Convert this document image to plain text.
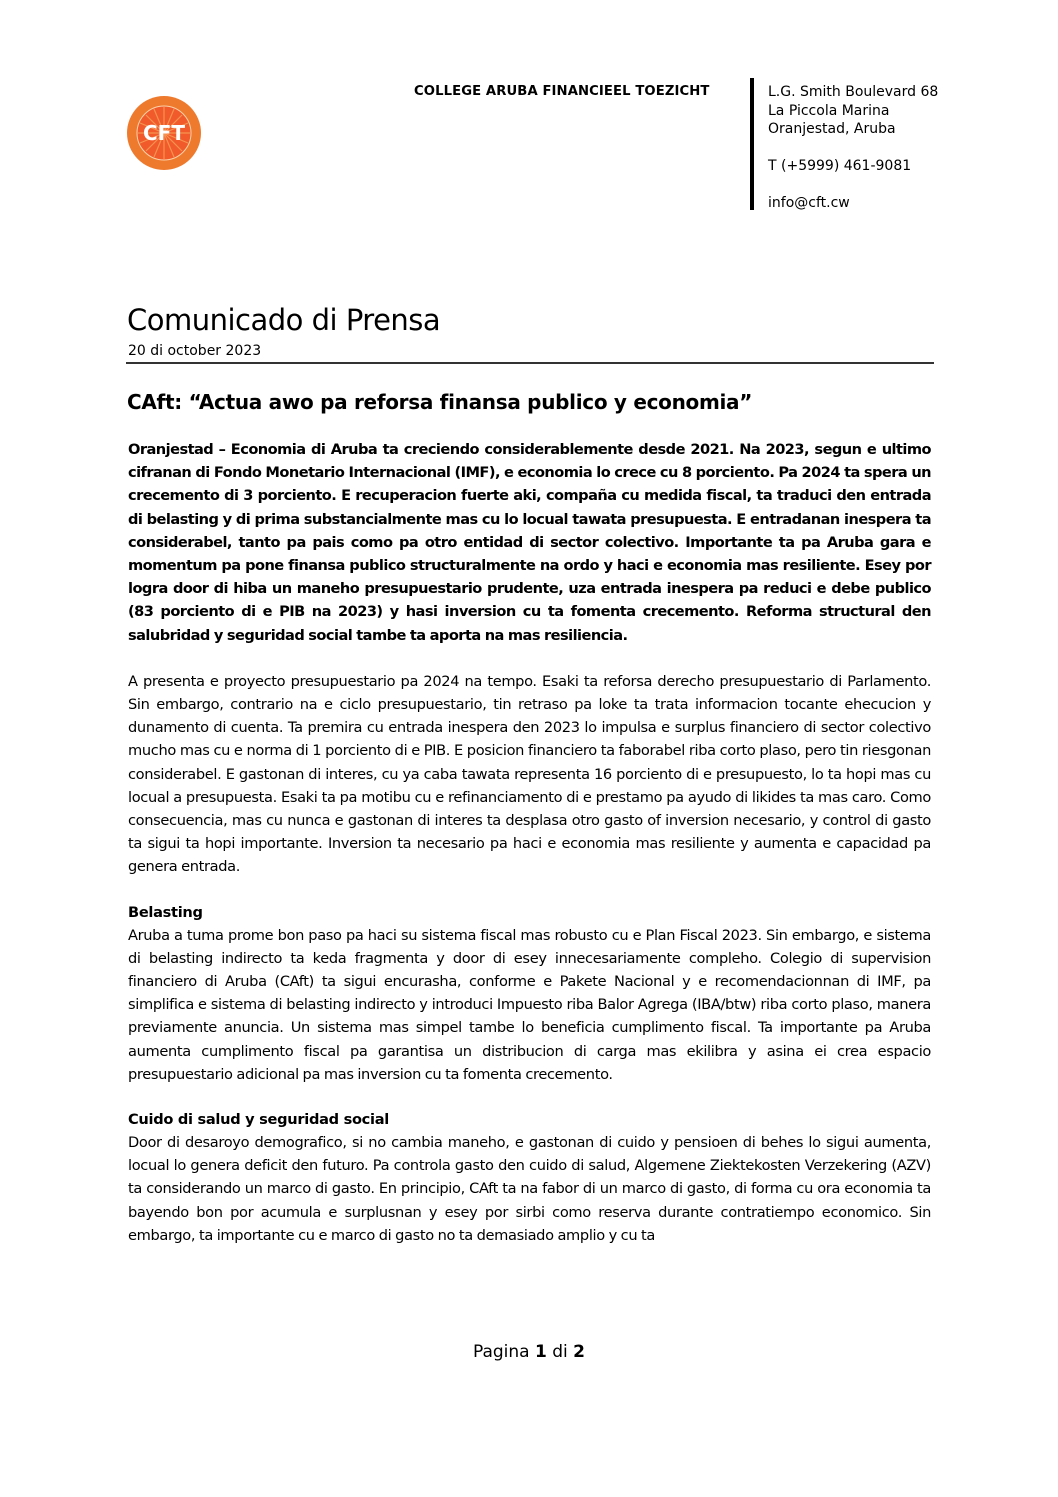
CFT
COLLEGE ARUBA FINANCIEEL TOEZICHT	L.G. Smith Boulevard 68
La Piccola Marina
Oranjestad, Aruba
T (+5999) 461-9081
info@cft.cw
Comunicado di Prensa
20 di october 2023
CAft: “Actua awo pa reforsa finansa publico y economia”

Oranjestad – Economia di Aruba ta creciendo considerablemente desde 2021. Na 2023, segun e ultimo cifranan di Fondo Monetario Internacional (IMF), e economia lo crece cu 8 porciento. Pa 2024 ta spera un crecemento di 3 porciento. E recuperacion fuerte aki, compaña cu medida fiscal, ta traduci den entrada di belasting y di prima substancialmente mas cu lo locual tawata presupuesta. E entradanan inespera ta considerabel, tanto pa pais como pa otro entidad di sector colectivo. Importante ta pa Aruba gara e momentum pa pone finansa publico structuralmente na ordo y haci e economia mas resiliente. Esey por logra door di hiba un maneho presupuestario prudente, uza entrada inespera pa reduci e debe publico (83 porciento di e PIB na 2023) y hasi inversion cu ta fomenta crecemento. Reforma structural den salubridad y seguridad social tambe ta aporta na mas resiliencia.

A presenta e proyecto presupuestario pa 2024 na tempo. Esaki ta reforsa derecho presupuestario di Parlamento. Sin embargo, contrario na e ciclo presupuestario, tin retraso pa loke ta trata informacion tocante ehecucion y dunamento di cuenta. Ta premira cu entrada inespera den 2023 lo impulsa e surplus financiero di sector colectivo mucho mas cu e norma di 1 porciento di e PIB. E posicion financiero ta faborabel riba corto plaso, pero tin riesgonan considerabel. E gastonan di interes, cu ya caba tawata representa 16 porciento di e presupuesto, lo ta hopi mas cu locual a presupuesta. Esaki ta pa motibu cu e refinanciamento di e prestamo pa ayudo di likides ta mas caro. Como consecuencia, mas cu nunca e gastonan di interes ta desplasa otro gasto of inversion necesario, y control di gasto ta sigui ta hopi importante. Inversion ta necesario pa haci e economia mas resiliente y aumenta e capacidad pa genera entrada.

Belasting

Aruba a tuma prome bon paso pa haci su sistema fiscal mas robusto cu e Plan Fiscal 2023. Sin embargo, e sistema di belasting indirecto ta keda fragmenta y door di esey innecesariamente compleho. Colegio di supervision financiero di Aruba (CAft) ta sigui encurasha, conforme e Pakete Nacional y e recomendacionnan di IMF, pa simplifica e sistema di belasting indirecto y introduci Impuesto riba Balor Agrega (IBA/btw) riba corto plaso, manera previamente anuncia. Un sistema mas simpel tambe lo beneficia cumplimento fiscal. Ta importante pa Aruba aumenta cumplimento fiscal pa garantisa un distribucion di carga mas ekilibra y asina ei crea espacio presupuestario adicional pa mas inversion cu ta fomenta crecemento.

Cuido di salud y seguridad social

Door di desaroyo demografico, si no cambia maneho, e gastonan di cuido y pensioen di behes lo sigui aumenta, locual lo genera deficit den futuro. Pa controla gasto den cuido di salud, Algemene Ziektekosten Verzekering (AZV) ta considerando un marco di gasto. En principio, CAft ta na fabor di un marco di gasto, di forma cu ora economia ta bayendo bon por acumula e surplusnan y esey por sirbi como reserva durante contratiempo economico. Sin embargo, ta importante cu e marco di gasto no ta demasiado amplio y cu ta

Pagina 1 di 2
